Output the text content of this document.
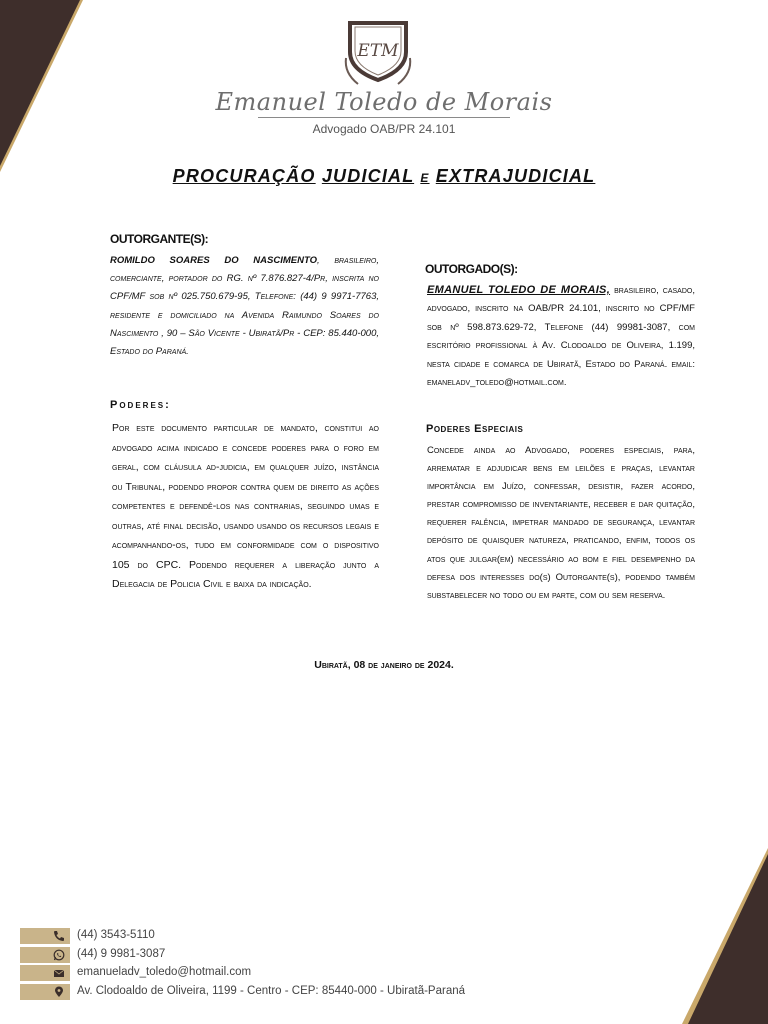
ETM
Emanuel Toledo de Morais
Advogado OAB/PR 24.101
PROCURAÇÃO JUDICIAL E EXTRAJUDICIAL
OUTORGANTE(S):
ROMILDO SOARES DO NASCIMENTO, brasileiro, comerciante, portador do RG. nº 7.876.827-4/Pr, inscrita no CPF/MF sob nº 025.750.679-95, Telefone: (44) 9 9971-7763, residente e domiciliado na Avenida Raimundo Soares do Nascimento , 90 – São Vicente - Ubiratã/Pr - CEP: 85.440-000, Estado do Paraná.
Poderes:
Por este documento particular de mandato, constitui ao advogado acima indicado e concede poderes para o foro em geral, com cláusula ad-judicia, em qualquer juízo, instância ou Tribunal, podendo propor contra quem de direito as ações competentes e defendê-los nas contrarias, seguindo umas e outras, até final decisão, usando usando os recursos legais e acompanhando-os, tudo em conformidade com o dispositivo 105 do CPC. Podendo requerer a liberação junto a Delegacia de Policia Civil e baixa da indicação.
OUTORGADO(S):
EMANUEL TOLEDO DE MORAIS, brasileiro, casado, advogado, inscrito na OAB/PR 24.101, inscrito no CPF/MF sob nº 598.873.629-72, Telefone (44) 99981-3087, com escritório profissional à Av. Clodoaldo de Oliveira, 1.199, nesta cidade e comarca de Ubiratã, Estado do Paraná. email: emaneladv_toledo@hotmail.com.
Poderes Especiais
Concede ainda ao Advogado, poderes especiais, para, arrematar e adjudicar bens em leilões e praças, levantar importância em Juízo, confessar, desistir, fazer acordo, prestar compromisso de inventariante, receber e dar quitação, requerer falência, impetrar mandado de segurança, levantar depósito de quaisquer natureza, praticando, enfim, todos os atos que julgar(em) necessário ao bom e fiel desempenho da defesa dos interesses do(s) Outorgante(s), podendo também substabelecer no todo ou em parte, com ou sem reserva.
Ubiratã, 08 de janeiro de 2024.
(44) 3543-5110
(44) 9 9981-3087
emanueladv_toledo@hotmail.com
Av. Clodoaldo de Oliveira, 1199 - Centro - CEP: 85440-000 - Ubiratã-Paraná
